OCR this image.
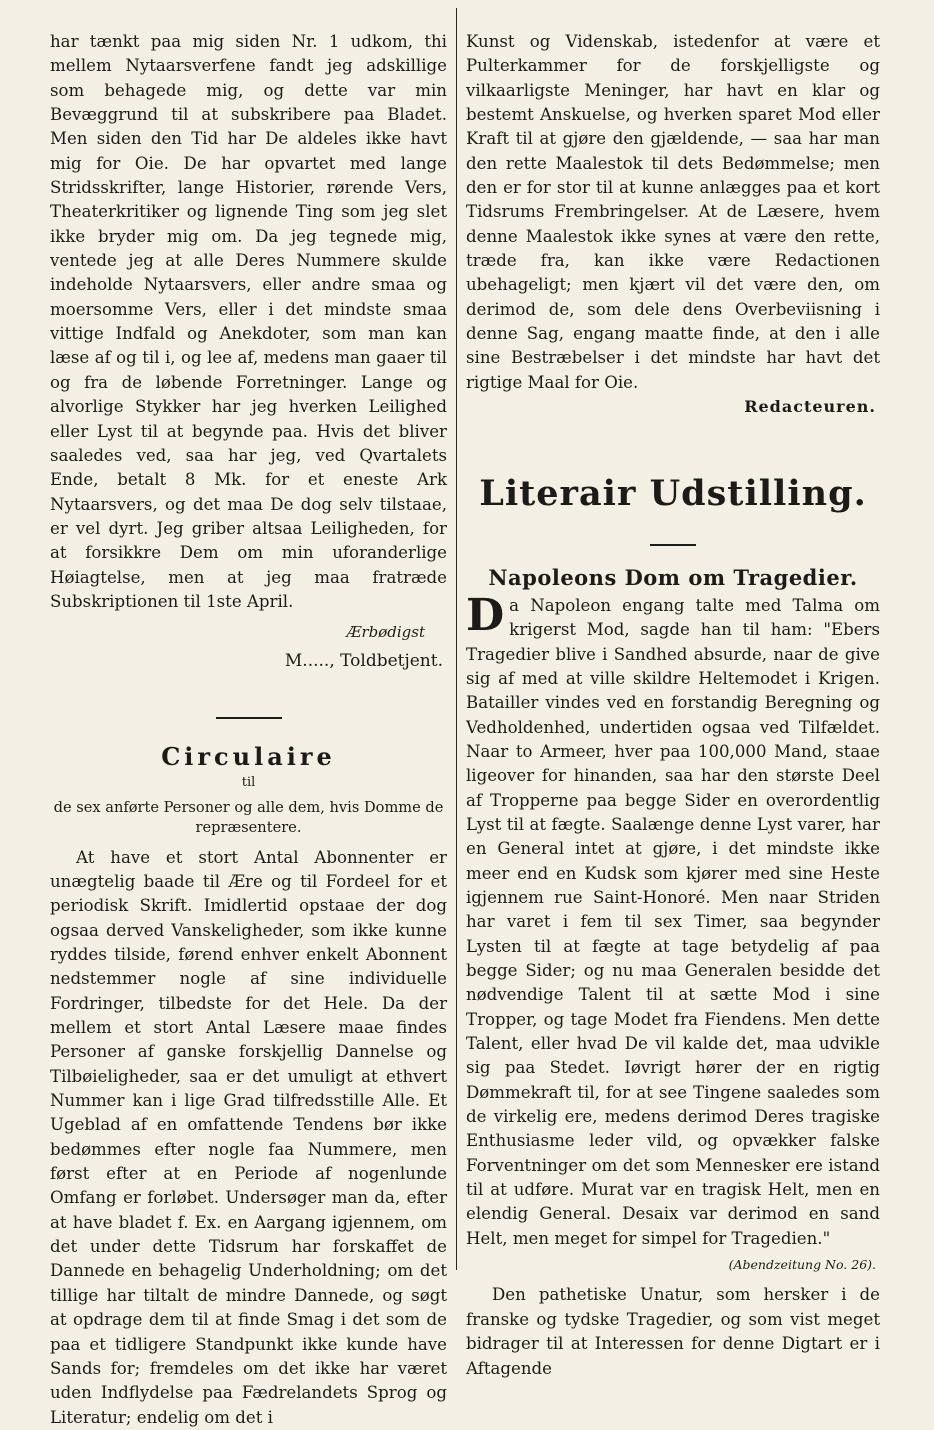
har tænkt paa mig siden Nr. 1 udkom, thi mellem Nytaarsverfene fandt jeg adskillige som behagede mig, og dette var min Bevæggrund til at subskribere paa Bladet. Men siden den Tid har De aldeles ikke havt mig for Oie. De har opvartet med lange Stridsskrifter, lange Historier, rørende Vers, Theaterkritiker og lignende Ting som jeg slet ikke bryder mig om. Da jeg tegnede mig, ventede jeg at alle Deres Nummere skulde indeholde Nytaarsvers, eller andre smaa og moersomme Vers, eller i det mindste smaa vittige Indfald og Anekdoter, som man kan læse af og til i, og lee af, medens man gaaer til og fra de løbende Forretninger. Lange og alvorlige Stykker har jeg hverken Leilighed eller Lyst til at begynde paa. Hvis det bliver saaledes ved, saa har jeg, ved Qvartalets Ende, betalt 8 Mk. for et eneste Ark Nytaarsvers, og det maa De dog selv tilstaae, er vel dyrt. Jeg griber altsaa Leiligheden, for at forsikkre Dem om min uforanderlige Høiagtelse, men at jeg maa fratræde Subskriptionen til 1ste April.

Ærbødigst

M....., Toldbetjent.

Circulaire

til

de sex anførte Personer og alle dem, hvis Domme de repræsentere.

At have et stort Antal Abonnenter er unægtelig baade til Ære og til Fordeel for et periodisk Skrift. Imidlertid opstaae der dog ogsaa derved Vanskeligheder, som ikke kunne ryddes tilside, førend enhver enkelt Abonnent nedstemmer nogle af sine individuelle Fordringer, tilbedste for det Hele. Da der mellem et stort Antal Læsere maae findes Personer af ganske forskjellig Dannelse og Tilbøieligheder, saa er det umuligt at ethvert Nummer kan i lige Grad tilfredsstille Alle. Et Ugeblad af en omfattende Tendens bør ikke bedømmes efter nogle faa Nummere, men først efter at en Periode af nogenlunde Omfang er forløbet. Undersøger man da, efter at have bladet f. Ex. en Aargang igjennem, om det under dette Tidsrum har forskaffet de Dannede en behagelig Underholdning; om det tillige har tiltalt de mindre Dannede, og søgt at opdrage dem til at finde Smag i det som de paa et tidligere Standpunkt ikke kunde have Sands for; fremdeles om det ikke har været uden Indflydelse paa Fædrelandets Sprog og Literatur; endelig om det i

Kunst og Videnskab, istedenfor at være et Pulterkammer for de forskjelligste og vilkaarligste Meninger, har havt en klar og bestemt Anskuelse, og hverken sparet Mod eller Kraft til at gjøre den gjældende, — saa har man den rette Maalestok til dets Bedømmelse; men den er for stor til at kunne anlægges paa et kort Tidsrums Frembringelser. At de Læsere, hvem denne Maalestok ikke synes at være den rette, træde fra, kan ikke være Redactionen ubehageligt; men kjært vil det være den, om derimod de, som dele dens Overbeviisning i denne Sag, engang maatte finde, at den i alle sine Bestræbelser i det mindste har havt det rigtige Maal for Oie.

Redacteuren.

Literair Udstilling.

Napoleons Dom om Tragedier.

Da Napoleon engang talte med Talma om krigerst Mod, sagde han til ham: "Ebers Tragedier blive i Sandhed absurde, naar de give sig af med at ville skildre Heltemodet i Krigen. Batailler vindes ved en forstandig Beregning og Vedholdenhed, undertiden ogsaa ved Tilfældet. Naar to Armeer, hver paa 100,000 Mand, staae ligeover for hinanden, saa har den største Deel af Tropperne paa begge Sider en overordentlig Lyst til at fægte. Saalænge denne Lyst varer, har en General intet at gjøre, i det mindste ikke meer end en Kudsk som kjører med sine Heste igjennem rue Saint-Honoré. Men naar Striden har varet i fem til sex Timer, saa begynder Lysten til at fægte at tage betydelig af paa begge Sider; og nu maa Generalen besidde det nødvendige Talent til at sætte Mod i sine Tropper, og tage Modet fra Fiendens. Men dette Talent, eller hvad De vil kalde det, maa udvikle sig paa Stedet. Iøvrigt hører der en rigtig Dømmekraft til, for at see Tingene saaledes som de virkelig ere, medens derimod Deres tragiske Enthusiasme leder vild, og opvækker falske Forventninger om det som Mennesker ere istand til at udføre. Murat var en tragisk Helt, men en elendig General. Desaix var derimod en sand Helt, men meget for simpel for Tragedien."

(Abendzeitung No. 26).

Den pathetiske Unatur, som hersker i de franske og tydske Tragedier, og som vist meget bidrager til at Interessen for denne Digtart er i Aftagende
